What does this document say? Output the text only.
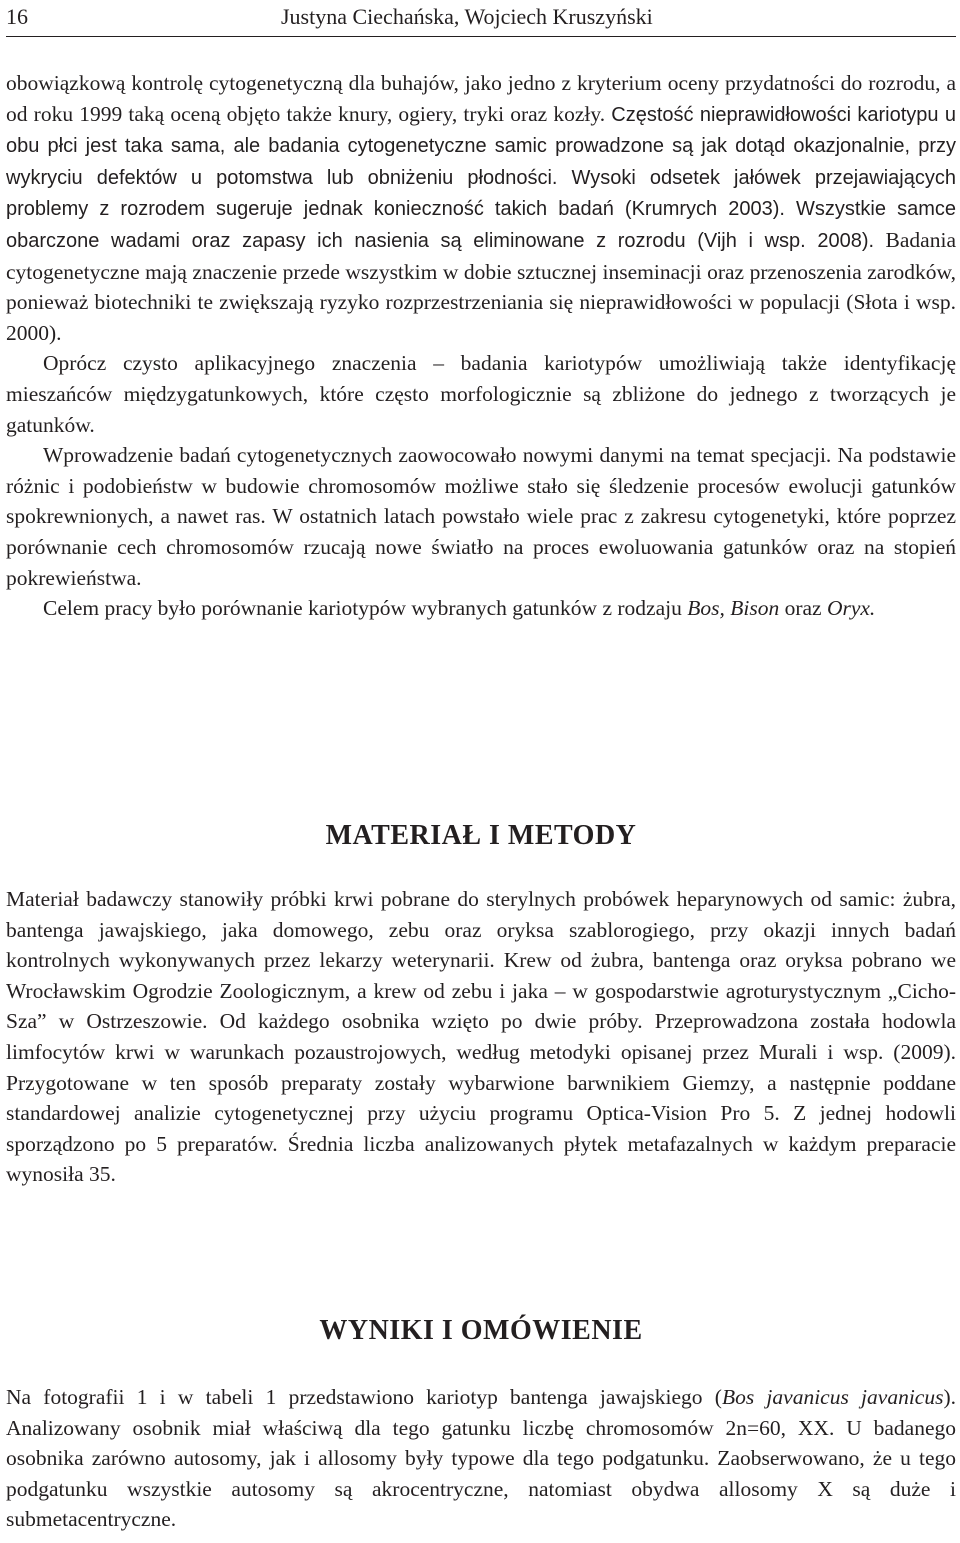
16	Justyna Ciechańska, Wojciech Kruszyński

obowiązkową kontrolę cytogenetyczną dla buhajów, jako jedno z kryterium oceny przydatności do rozrodu, a od roku 1999 taką oceną objęto także knury, ogiery, tryki oraz kozły. Częstość nieprawidłowości kariotypu u obu płci jest taka sama, ale badania cytogenetyczne samic prowadzone są jak dotąd okazjonalnie, przy wykryciu defektów u potomstwa lub obniżeniu płodności. Wysoki odsetek jałówek przejawiających problemy z rozrodem sugeruje jednak konieczność takich badań (Krumrych 2003). Wszystkie samce obarczone wadami oraz zapasy ich nasienia są eliminowane z rozrodu (Vijh i wsp. 2008). Badania cytogenetyczne mają znaczenie przede wszystkim w dobie sztucznej inseminacji oraz przenoszenia zarodków, ponieważ biotechniki te zwiększają ryzyko rozprzestrzeniania się nieprawidłowości w populacji (Słota i wsp. 2000).

Oprócz czysto aplikacyjnego znaczenia – badania kariotypów umożliwiają także identyfikację mieszańców międzygatunkowych, które często morfologicznie są zbliżone do jednego z tworzących je gatunków.

Wprowadzenie badań cytogenetycznych zaowocowało nowymi danymi na temat specjacji. Na podstawie różnic i podobieństw w budowie chromosomów możliwe stało się śledzenie procesów ewolucji gatunków spokrewnionych, a nawet ras. W ostatnich latach powstało wiele prac z zakresu cytogenetyki, które poprzez porównanie cech chromosomów rzucają nowe światło na proces ewoluowania gatunków oraz na stopień pokrewieństwa.

Celem pracy było porównanie kariotypów wybranych gatunków z rodzaju Bos, Bison oraz Oryx.

MATERIAŁ I METODY

Materiał badawczy stanowiły próbki krwi pobrane do sterylnych probówek heparynowych od samic: żubra, bantenga jawajskiego, jaka domowego, zebu oraz oryksa szablorogiego, przy okazji innych badań kontrolnych wykonywanych przez lekarzy weterynarii. Krew od żubra, bantenga oraz oryksa pobrano we Wrocławskim Ogrodzie Zoologicznym, a krew od zebu i jaka – w gospodarstwie agroturystycznym „Cicho-Sza” w Ostrzeszowie. Od każdego osobnika wzięto po dwie próby. Przeprowadzona została hodowla limfocytów krwi w warunkach pozaustrojowych, według metodyki opisanej przez Murali i wsp. (2009). Przygotowane w ten sposób preparaty zostały wybarwione barwnikiem Giemzy, a następnie poddane standardowej analizie cytogenetycznej przy użyciu programu Optica-Vision Pro 5. Z jednej hodowli sporządzono po 5 preparatów. Średnia liczba analizowanych płytek metafazalnych w każdym preparacie wynosiła 35.

WYNIKI I OMÓWIENIE

Na fotografii 1 i w tabeli 1 przedstawiono kariotyp bantenga jawajskiego (Bos javanicus javanicus). Analizowany osobnik miał właściwą dla tego gatunku liczbę chromosomów 2n=60, XX. U badanego osobnika zarówno autosomy, jak i allosomy były typowe dla tego podgatunku. Zaobserwowano, że u tego podgatunku wszystkie autosomy są akrocentryczne, natomiast obydwa allosomy X są duże i submetacentryczne.
